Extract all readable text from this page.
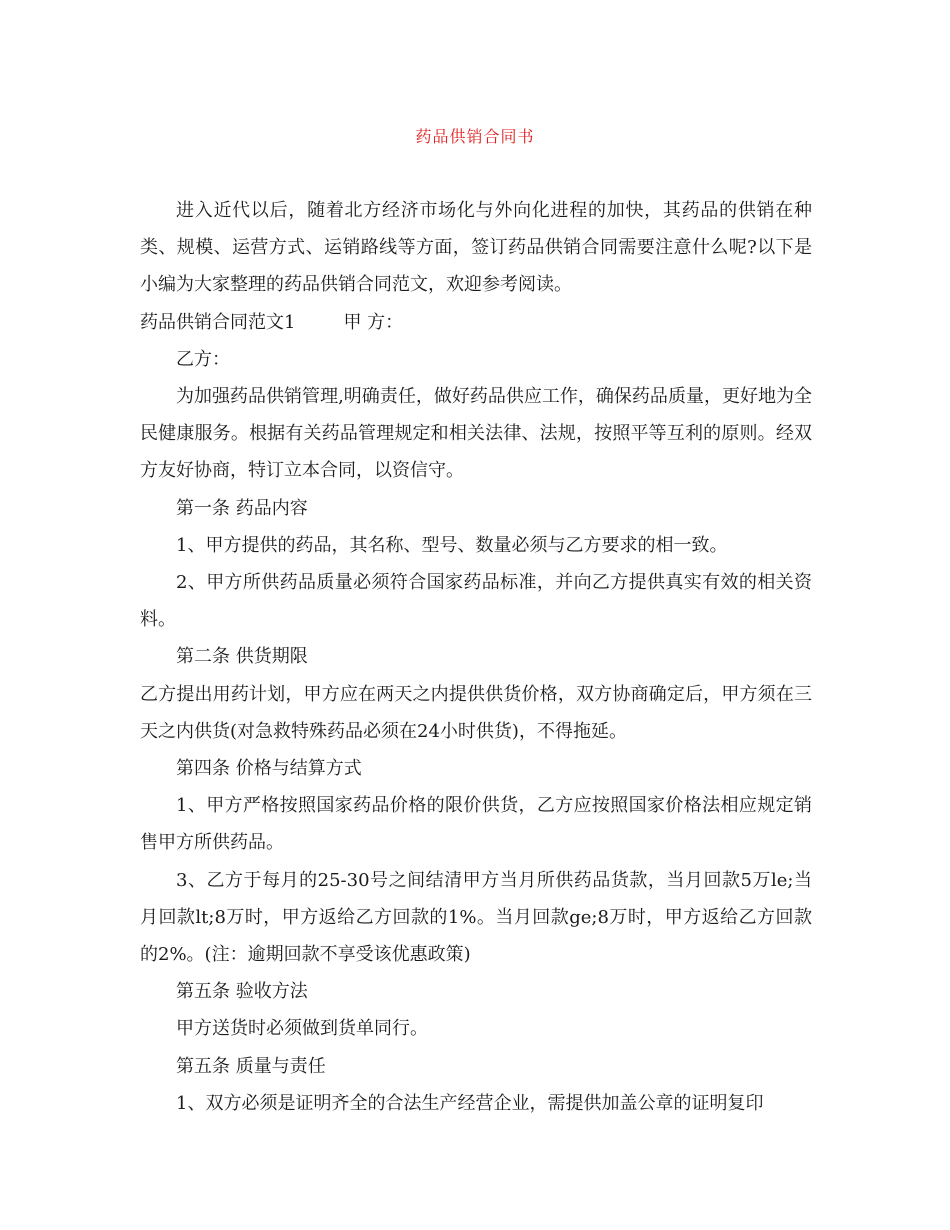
药品供销合同书

进入近代以后，随着北方经济市场化与外向化进程的加快，其药品的供销在种类、规模、运营方式、运销路线等方面，签订药品供销合同需要注意什么呢?以下是小编为大家整理的药品供销合同范文，欢迎参考阅读。

药品供销合同范文1	甲 方：

乙方：

为加强药品供销管理,明确责任，做好药品供应工作，确保药品质量，更好地为全民健康服务。根据有关药品管理规定和相关法律、法规，按照平等互利的原则。经双方友好协商，特订立本合同，以资信守。

第一条 药品内容

1、甲方提供的药品，其名称、型号、数量必须与乙方要求的相一致。

2、甲方所供药品质量必须符合国家药品标准，并向乙方提供真实有效的相关资料。

第二条 供货期限

乙方提出用药计划，甲方应在两天之内提供供货价格，双方协商确定后，甲方须在三天之内供货(对急救特殊药品必须在24小时供货)，不得拖延。

第四条 价格与结算方式

1、甲方严格按照国家药品价格的限价供货，乙方应按照国家价格法相应规定销售甲方所供药品。

3、乙方于每月的25-30号之间结清甲方当月所供药品货款，当月回款5万le;当月回款lt;8万时，甲方返给乙方回款的1%。当月回款ge;8万时，甲方返给乙方回款的2%。(注：逾期回款不享受该优惠政策)

第五条 验收方法

甲方送货时必须做到货单同行。

第五条 质量与责任

1、双方必须是证明齐全的合法生产经营企业，需提供加盖公章的证明复印
